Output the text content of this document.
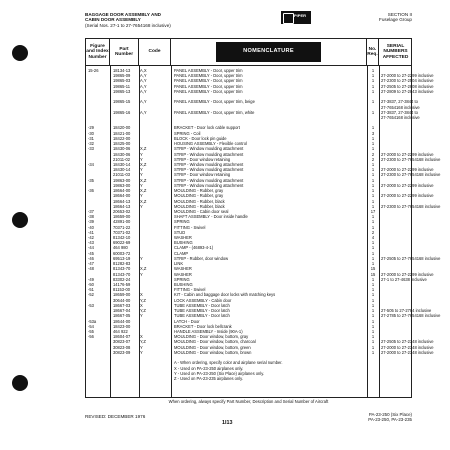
BAGGAGE DOOR ASSEMBLY AND
CABIN DOOR ASSEMBLY
(Serial Nos. 27-1 to 27-7654168 inclusive)
PIPER	SECTION II
Fuselage Group
Figure and Index Number
Part Number
Code	NOMENCLATURE	No. Req.
SERIAL NUMBERS AFFECTED
15-26	18134-13	A,X	PANEL ASSEMBLY - Door, upper trim	1
19865-09	A,Y	PANEL ASSEMBLY - Door, upper trim	1	27-2000 to 27-2299 inclusive
19865-03	A,Y	PANEL ASSEMBLY - Door, upper trim	1	27-2300 to 27-2504 inclusive
19865-11	A,Y	PANEL ASSEMBLY - Door, upper trim	1	27-2505 to 27-2808 inclusive
19865-13	A,Y	PANEL ASSEMBLY - Door, upper trim	1	27-2809 to 27-2843 inclusive
19865-15	A,Y	PANEL ASSEMBLY - Door, upper trim, beige	1	27-3837, 27-3844 to
27-7654168 inclusive
19865-16	A,Y	PANEL ASSEMBLY - Door, upper trim, white	1	27-3837, 27-3844 to
27-7654168 inclusive
-29	18420-00	BRACKET - Door lock cable support	1
-30	18421-00	SPRING - Coil	3
-31	18422-00	BLOCK - Door lock pin guide	1
-32	18425-00	HOUSING ASSEMBLY - Flexible control	1
-33	18430-06	X,Z	STRIP - Window moulding attachment	1
18430-06	Y	STRIP - Window moulding attachment	2	27-2000 to 27-2299 inclusive
21011-02	Y	STRIP - Door window retaining	2	27-2300 to 27-7654168 inclusive
-34	18430-14	X,Z	STRIP - Window moulding attachment	1
18430-14	Y	STRIP - Window moulding attachment	1	27-2000 to 27-2299 inclusive
21011-03	Y	STRIP - Door window retaining	1	27-2300 to 27-7654168 inclusive
-35	19863-00	X,Z	STRIP - Window moulding attachment	1
19863-00	Y	STRIP - Window moulding attachment	1	27-2000 to 27-2299 inclusive
-36	18664-00	X,Z	MOULDING - Rubber, gray	1
18664-00	Y	MOULDING - Rubber, gray	1	27-2000 to 27-2299 inclusive
18664-13	X,Z	MOULDING - Rubber, black	1
18664-13	Y	MOULDING - Rubber, black	1	27-2300 to 27-7654168 inclusive
-37	20653-02	MOULDING - Cabin door seal	17
-38	18659-00	SHAFT ASSEMBLY - Door inside handle	1
-39	42891-00	SPRING	1
-40	70371-22	FITTING - Swivel	1
-41	70371-02	STUD	2
-42	81342-10	WASHER	4
-43	69022-69	BUSHING	1
-44	464 980	CLAMP - (46893-4-1)	1
-45	60003-72	CLAMP	1
-46	69513-19	Y	STRIP - Rubber, door window	1	27-2505 to 27-7654168 inclusive
-47	81282-83	LINK	1
-48	81343-70	X,Z	WASHER	15
81343-70	Y	WASHER	15	27-2000 to 27-2299 inclusive
-49	83302-24	SPRING	1	27-1 to 27-4638 inclusive
-50	14176-59	BUSHING	1
-51	81153-00	FITTING - Swivel	1
-52	18659-00	X	KIT - Cabin and baggage door locks with matching keys	1
30644-00	Y,Z	LOCK ASSEMBLY - Cabin door	1
-53	18667-03	X	TUBE ASSEMBLY - Door latch	1
18667-04	Y,Z	TUBE ASSEMBLY - Door latch	1	27-505 to 27-2784 inclusive
18667-05	Y	TUBE ASSEMBLY - Door latch	1	27-2785 to 27-7654168 inclusive
-53a	18644-00	LATCH - Door	1
-54	18423-00	BRACKET - Door lock bellcrank	1
-55	464 922	HANDLE ASSEMBLY - Inside (90A-1)	1
-56	18604-07	X	MOULDING - Door window, bottom, gray	1
30823-07	Y,Z	MOULDING - Door window, bottom, charcoal	1	27-2505 to 27-2348 inclusive
30823-08	Y	MOULDING - Door window, bottom, green	1	27-2000 to 27-2348 inclusive
30823-09	Y	MOULDING - Door window, bottom, brown	1	27-2000 to 27-2348 inclusive
A - When ordering, specify color and airplane serial number.
X - Used on PA-23-250 airplanes only.
Y - Used on PA-23-250 (Six Place) airplanes only.
Z - Used on PA-23-235 airplanes only.
When ordering, always specify Part Number, Description and Serial Number of Aircraft
REVISED: DECEMBER 1976
1I13
PA-23-250 (Six Place)
PA-23-250, PA-23-235
